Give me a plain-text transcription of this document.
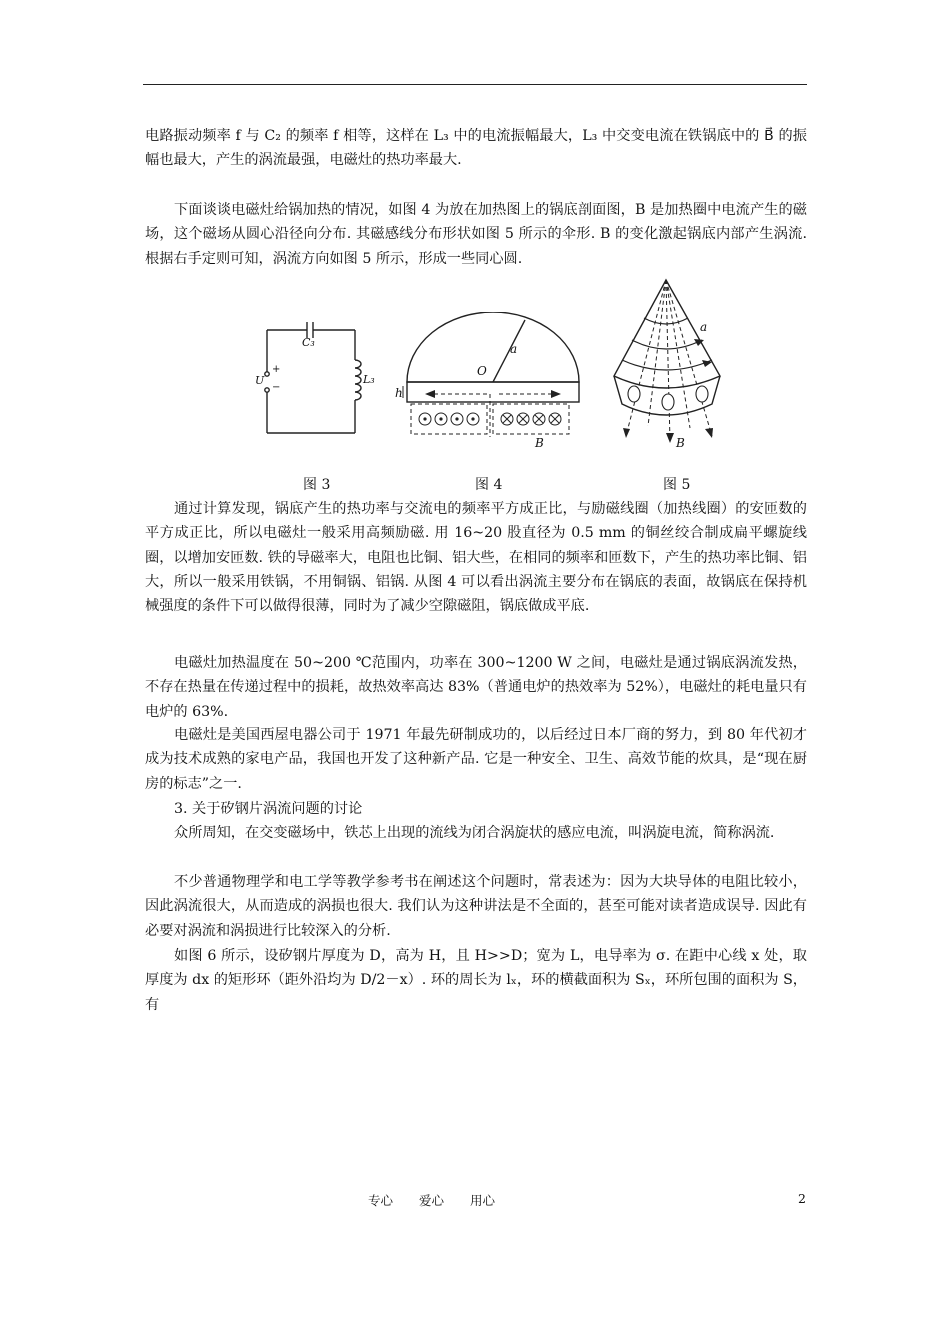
电路振动频率 f 与 C₂ 的频率 f 相等，这样在 L₃ 中的电流振幅最大，L₃ 中交变电流在铁锅底中的 B⃗ 的振幅也最大，产生的涡流最强，电磁灶的热功率最大.

下面谈谈电磁灶给锅加热的情况，如图 4 为放在加热图上的锅底剖面图，B 是加热圈中电流产生的磁场，这个磁场从圆心沿径向分布. 其磁感线分布形状如图 5 所示的伞形. B 的变化激起锅底内部产生涡流. 根据右手定则可知，涡流方向如图 5 所示，形成一些同心圆.

C₃
L₃
U
+
−
a
O
h
B
a
B
图 3	图 4	图 5

通过计算发现，锅底产生的热功率与交流电的频率平方成正比，与励磁线圈（加热线圈）的安匝数的平方成正比，所以电磁灶一般采用高频励磁. 用 16~20 股直径为 0.5 mm 的铜丝绞合制成扁平螺旋线圈，以增加安匝数. 铁的导磁率大，电阻也比铜、铝大些，在相同的频率和匝数下，产生的热功率比铜、铝大，所以一般采用铁锅，不用铜锅、铝锅. 从图 4 可以看出涡流主要分布在锅底的表面，故锅底在保持机械强度的条件下可以做得很薄，同时为了减少空隙磁阻，锅底做成平底.

电磁灶加热温度在 50~200 ℃范围内，功率在 300~1200 W 之间，电磁灶是通过锅底涡流发热，不存在热量在传递过程中的损耗，故热效率高达 83%（普通电炉的热效率为 52%），电磁灶的耗电量只有电炉的 63%.

电磁灶是美国西屋电器公司于 1971 年最先研制成功的，以后经过日本厂商的努力，到 80 年代初才成为技术成熟的家电产品，我国也开发了这种新产品. 它是一种安全、卫生、高效节能的炊具，是“现在厨房的标志”之一.

3. 关于矽钢片涡流问题的讨论

众所周知，在交变磁场中，铁芯上出现的流线为闭合涡旋状的感应电流，叫涡旋电流，简称涡流.

不少普通物理学和电工学等教学参考书在阐述这个问题时，常表述为：因为大块导体的电阻比较小，因此涡流很大，从而造成的涡损也很大. 我们认为这种讲法是不全面的，甚至可能对读者造成误导. 因此有必要对涡流和涡损进行比较深入的分析.

如图 6 所示，设矽钢片厚度为 D，高为 H，且 H>>D；宽为 L，电导率为 σ. 在距中心线 x 处，取厚度为 dx 的矩形环（距外沿均为 D/2－x）. 环的周长为 lₓ，环的横截面积为 Sₓ，环所包围的面积为 S，有

专心 爱心 用心	2
